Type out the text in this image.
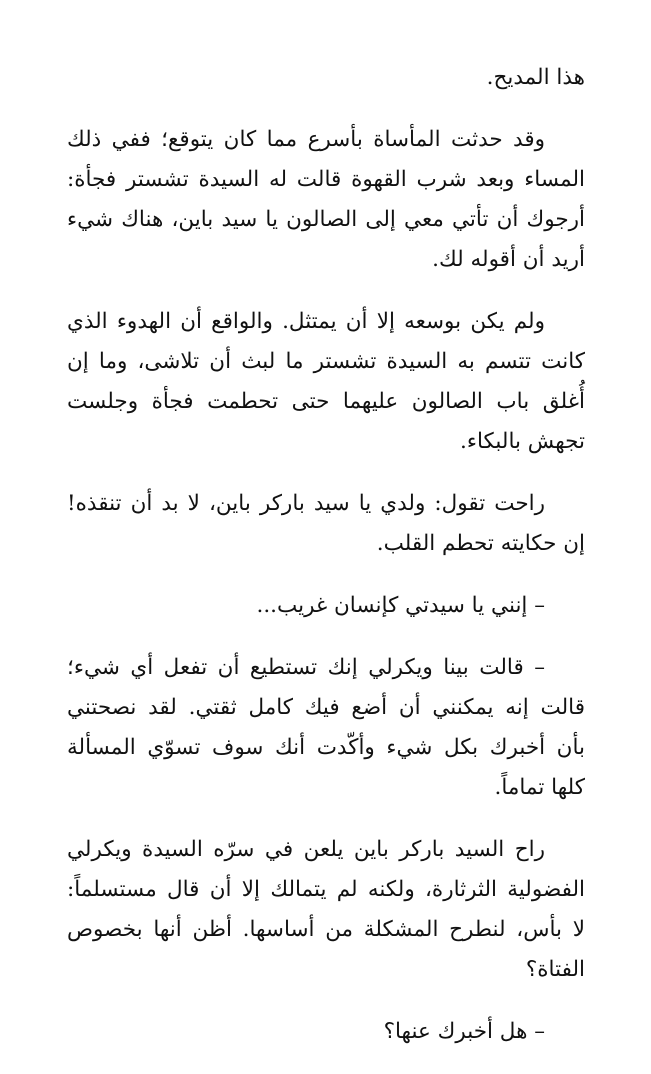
هذا المديح.

وقد حدثت المأساة بأسرع مما كان يتوقع؛ ففي ذلك
المساء وبعد شرب القهوة قالت له السيدة تشستر فجأة:
أرجوك أن تأتي معي إلى الصالون يا سيد باين، هناك شيء
أريد أن أقوله لك.

ولم يكن بوسعه إلا أن يمتثل. والواقع أن الهدوء الذي
كانت تتسم به السيدة تشستر ما لبث أن تلاشى، وما إن
أُغلق باب الصالون عليهما حتى تحطمت فجأة وجلست
تجهش بالبكاء.

راحت تقول: ولدي يا سيد باركر باين، لا بد أن تنقذه!
إن حكايته تحطم القلب.

– إنني يا سيدتي كإنسان غريب...

– قالت بينا ويكرلي إنك تستطيع أن تفعل أي شيء؛
قالت إنه يمكنني أن أضع فيك كامل ثقتي. لقد نصحتني
بأن أخبرك بكل شيء وأكّدت أنك سوف تسوّي المسألة
كلها تماماً.

راح السيد باركر باين يلعن في سرّه السيدة ويكرلي
الفضولية الثرثارة، ولكنه لم يتمالك إلا أن قال مستسلماً:
لا بأس، لنطرح المشكلة من أساسها. أظن أنها بخصوص
الفتاة؟

– هل أخبرك عنها؟
